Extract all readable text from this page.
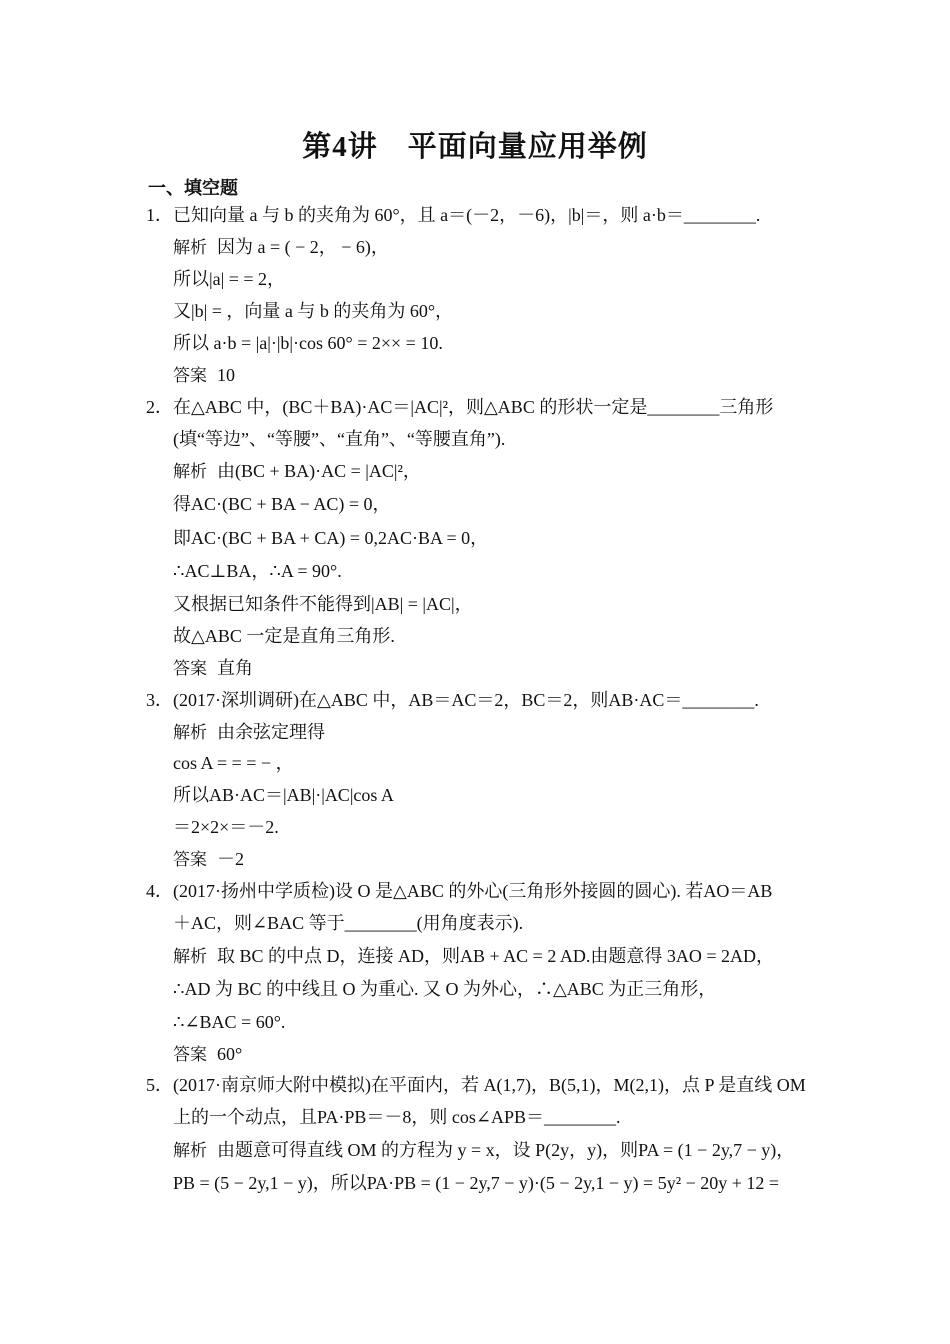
第4讲　平面向量应用举例
一、填空题
1． 已知向量 a 与 b 的夹角为 60°，且 a＝(－2，－6)，|b|＝，则 a·b＝________.
解析 因为 a = ( − 2， − 6)，
所以|a| = = 2，
又|b| = ，向量 a 与 b 的夹角为 60°，
所以 a·b = |a|·|b|·cos 60° = 2×× = 10.
答案 10
2． 在△ABC 中，(BC＋BA)·AC＝|AC|²，则△ABC 的形状一定是________三角形
(填“等边”、“等腰”、“直角”、“等腰直角”).
解析 由(BC + BA)·AC = |AC|²，
得AC·(BC + BA − AC) = 0，
即AC·(BC + BA + CA) = 0,2AC·BA = 0，
∴AC⊥BA，∴A = 90°.
又根据已知条件不能得到|AB| = |AC|，
故△ABC 一定是直角三角形.
答案 直角
3． (2017·深圳调研)在△ABC 中，AB＝AC＝2，BC＝2，则AB·AC＝________.
解析 由余弦定理得
cos A = = = − ，
所以AB·AC＝|AB|·|AC|cos A
＝2×2×＝－2.
答案 －2
4． (2017·扬州中学质检)设 O 是△ABC 的外心(三角形外接圆的圆心). 若AO＝AB
＋AC，则∠BAC 等于________(用角度表示).
解析 取 BC 的中点 D，连接 AD，则AB + AC = 2 AD.由题意得 3AO = 2AD，
∴AD 为 BC 的中线且 O 为重心. 又 O 为外心，∴△ABC 为正三角形，
∴∠BAC = 60°.
答案 60°
5． (2017·南京师大附中模拟)在平面内，若 A(1,7)，B(5,1)，M(2,1)，点 P 是直线 OM
上的一个动点，且PA·PB＝－8，则 cos∠APB＝________.
解析 由题意可得直线 OM 的方程为 y = x，设 P(2y，y)，则PA = (1 − 2y,7 − y)，
PB = (5 − 2y,1 − y)，所以PA·PB = (1 − 2y,7 − y)·(5 − 2y,1 − y) = 5y² − 20y + 12 =
